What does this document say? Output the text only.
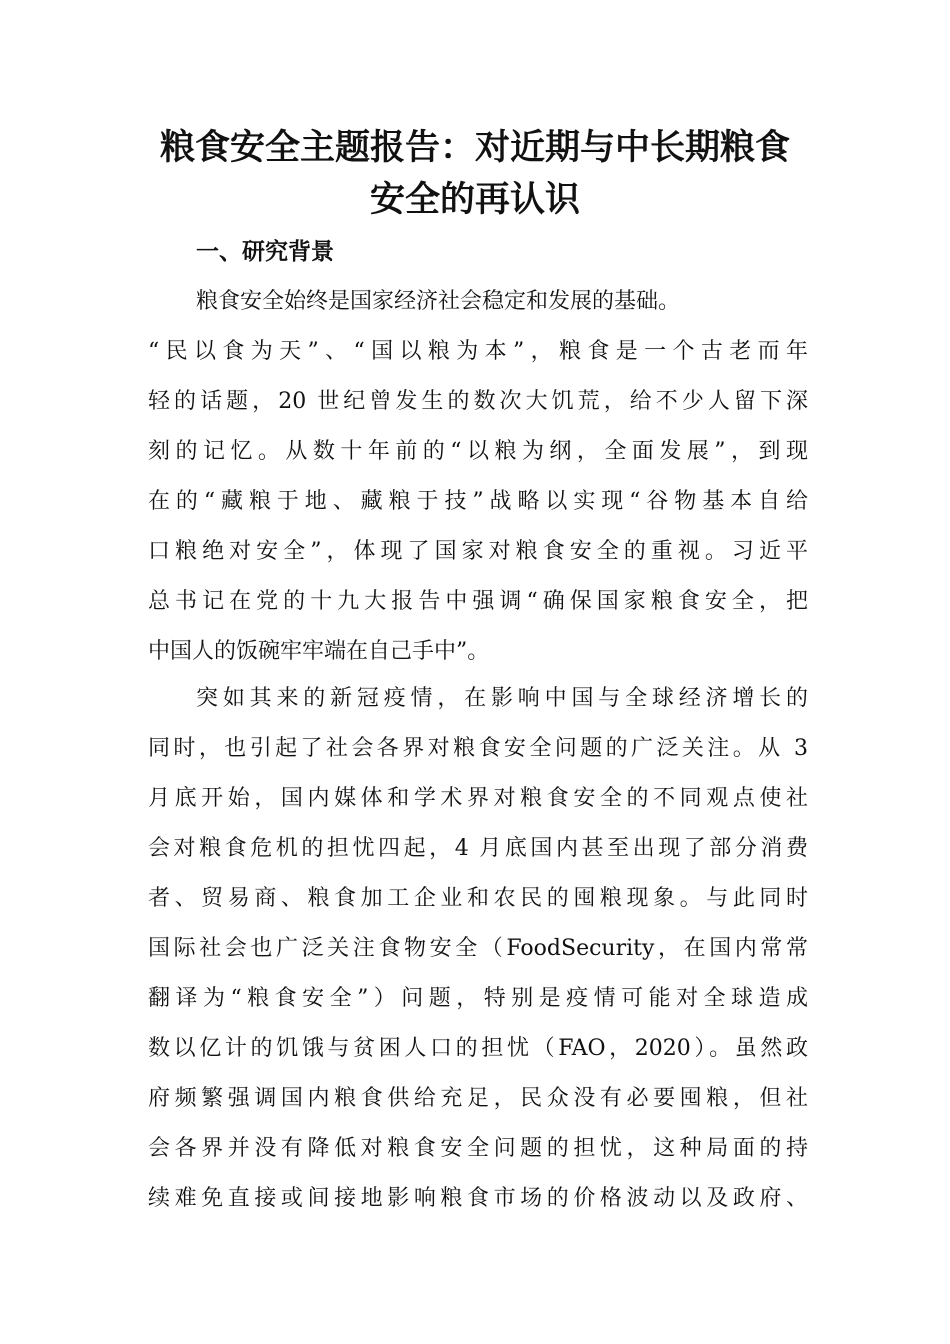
粮食安全主题报告：对近期与中长期粮食
安全的再认识
一、研究背景
粮食安全始终是国家经济社会稳定和发展的基础。
“民以食为天”、“国以粮为本”，粮食是一个古老而年
轻的话题，20 世纪曾发生的数次大饥荒，给不少人留下深
刻的记忆。从数十年前的“以粮为纲，全面发展”，到现
在的“藏粮于地、藏粮于技”战略以实现“谷物基本自给
口粮绝对安全”，体现了国家对粮食安全的重视。习近平
总书记在党的十九大报告中强调“确保国家粮食安全，把
中国人的饭碗牢牢端在自己手中”。
突如其来的新冠疫情，在影响中国与全球经济增长的
同时，也引起了社会各界对粮食安全问题的广泛关注。从 3
月底开始，国内媒体和学术界对粮食安全的不同观点使社
会对粮食危机的担忧四起，4 月底国内甚至出现了部分消费
者、贸易商、粮食加工企业和农民的囤粮现象。与此同时
国际社会也广泛关注食物安全（FoodSecurity，在国内常常
翻译为“粮食安全”）问题，特别是疫情可能对全球造成
数以亿计的饥饿与贫困人口的担忧（FAO，2020）。虽然政
府频繁强调国内粮食供给充足，民众没有必要囤粮，但社
会各界并没有降低对粮食安全问题的担忧，这种局面的持
续难免直接或间接地影响粮食市场的价格波动以及政府、
